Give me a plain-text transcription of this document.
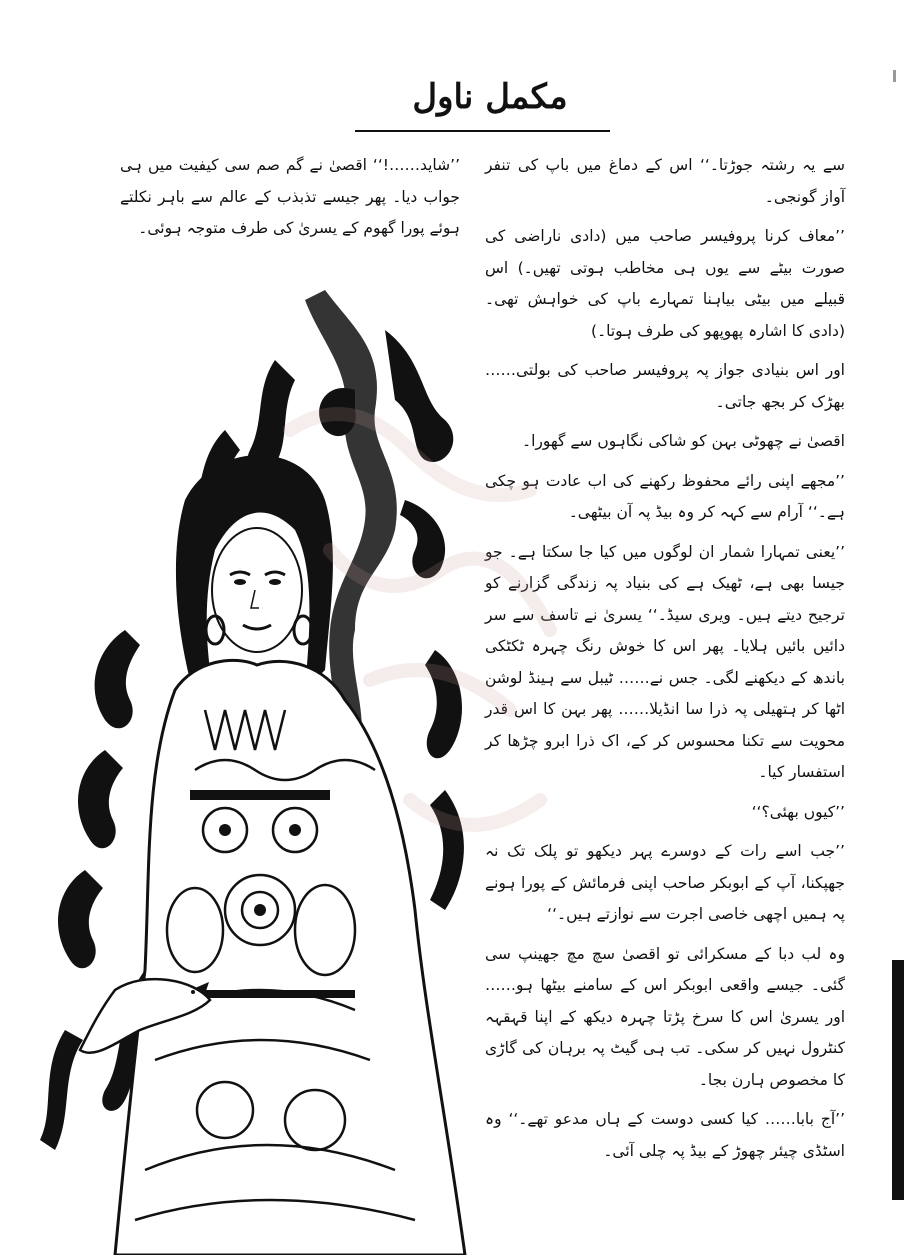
مکمل ناول

سے یہ رشتہ جوڑتا۔‘‘ اس کے دماغ میں باپ کی تنفر آواز گونجی۔

’’معاف کرنا پروفیسر صاحب میں (دادی ناراضی کی صورت بیٹے سے یوں ہی مخاطب ہوتی تھیں۔) اس قبیلے میں بیٹی بیاہنا تمہارے باپ کی خواہش تھی۔ (دادی کا اشارہ پھوپھو کی طرف ہوتا۔)

اور اس بنیادی جواز پہ پروفیسر صاحب کی بولتی…… بھڑک کر بجھ جاتی۔

اقصیٰ نے چھوٹی بہن کو شاکی نگاہوں سے گھورا۔

’’مجھے اپنی رائے محفوظ رکھنے کی اب عادت ہو چکی ہے۔‘‘ آرام سے کہہ کر وہ بیڈ پہ آن بیٹھی۔

’’یعنی تمہارا شمار ان لوگوں میں کیا جا سکتا ہے۔ جو جیسا بھی ہے، ٹھیک ہے کی بنیاد پہ زندگی گزارنے کو ترجیح دیتے ہیں۔ ویری سیڈ۔‘‘ یسریٰ نے تاسف سے سر دائیں بائیں ہلایا۔ پھر اس کا خوش رنگ چہرہ ٹکٹکی باندھ کے دیکھنے لگی۔ جس نے…… ٹیبل سے ہینڈ لوشن اٹھا کر ہتھیلی پہ ذرا سا انڈیلا…… پھر بہن کا اس قدر محویت سے تکنا محسوس کر کے، اک ذرا ابرو چڑھا کر استفسار کیا۔

’’کیوں بھئی؟‘‘

’’جب اسے رات کے دوسرے پہر دیکھو تو پلک تک نہ جھپکنا، آپ کے ابوبکر صاحب اپنی فرمائش کے پورا ہونے پہ ہمیں اچھی خاصی اجرت سے نوازتے ہیں۔‘‘

وہ لب دبا کے مسکرائی تو اقصیٰ سچ مچ جھینپ سی گئی۔ جیسے واقعی ابوبکر اس کے سامنے بیٹھا ہو……اور یسریٰ اس کا سرخ پڑتا چہرہ دیکھ کے اپنا قہقہہ کنٹرول نہیں کر سکی۔ تب ہی گیٹ پہ برہان کی گاڑی کا مخصوص ہارن بجا۔

’’آج بابا…… کیا کسی دوست کے ہاں مدعو تھے۔‘‘ وہ اسٹڈی چیئر چھوڑ کے بیڈ پہ چلی آئی۔

’’شاید……!‘‘ اقصیٰ نے گم صم سی کیفیت میں ہی جواب دیا۔ پھر جیسے تذبذب کے عالم سے باہر نکلتے ہوئے پورا گھوم کے یسریٰ کی طرف متوجہ ہوئی۔
